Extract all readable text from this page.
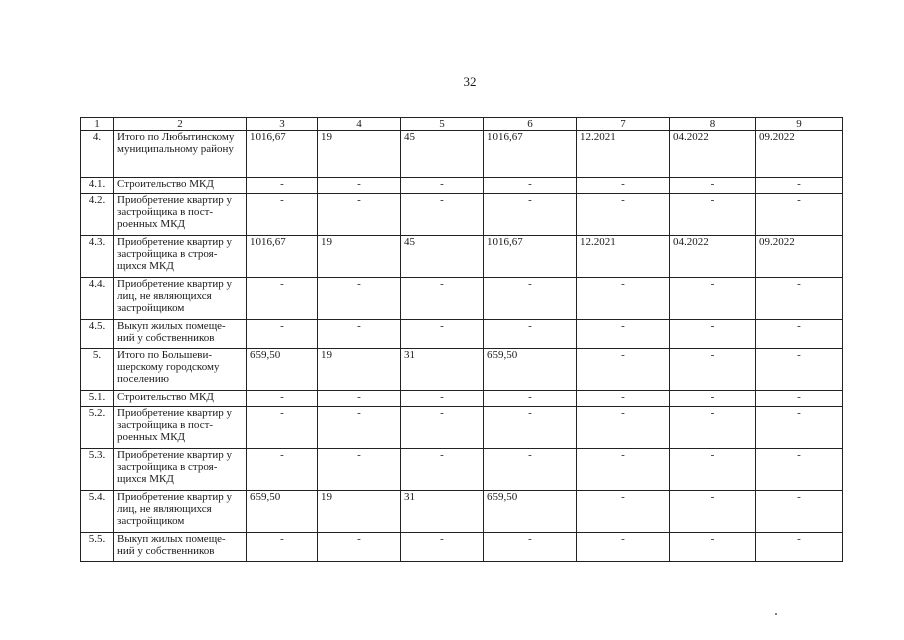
32
1	2	3	4	5	6	7	8	9
4.	Итого по Любытинскому муниципальному району	1016,67	19	45	1016,67	12.2021	04.2022	09.2022
4.1.	Строительство МКД	-	-	-	-	-	-	-
4.2.	Приобретение квартир у застройщика в пост-роенных МКД	-	-	-	-	-	-	-
4.3.	Приобретение квартир у застройщика в строя-щихся МКД	1016,67	19	45	1016,67	12.2021	04.2022	09.2022
4.4.	Приобретение квартир у лиц, не являющихся застройщиком	-	-	-	-	-	-	-
4.5.	Выкуп жилых помеще-ний у собственников	-	-	-	-	-	-	-
5.	Итого по Большеви-шерскому городскому поселению	659,50	19	31	659,50	-	-	-
5.1.	Строительство МКД	-	-	-	-	-	-	-
5.2.	Приобретение квартир у застройщика в пост-роенных МКД	-	-	-	-	-	-	-
5.3.	Приобретение квартир у застройщика в строя-щихся МКД	-	-	-	-	-	-	-
5.4.	Приобретение квартир у лиц, не являющихся застройщиком	659,50	19	31	659,50	-	-	-
5.5.	Выкуп жилых помеще-ний у собственников	-	-	-	-	-	-	-
